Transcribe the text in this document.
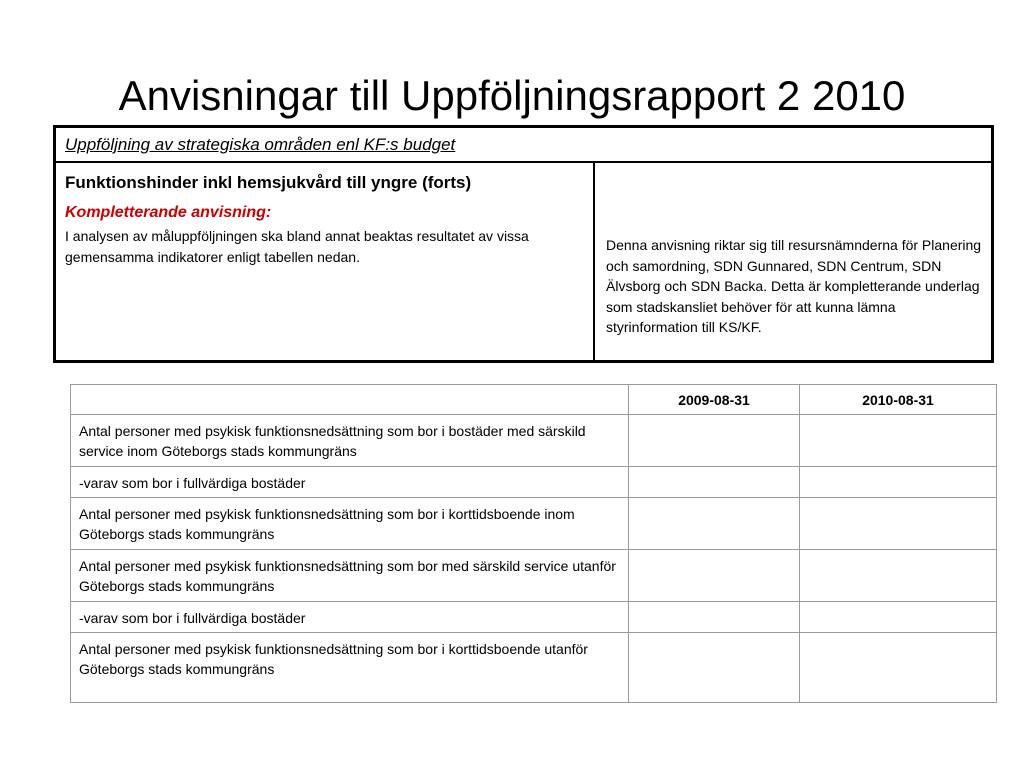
Anvisningar till Uppföljningsrapport 2 2010
Uppföljning av strategiska områden enl KF:s budget
Funktionshinder inkl hemsjukvård till yngre (forts)
Kompletterande anvisning:
I analysen av måluppföljningen ska bland annat beaktas resultatet av vissa gemensamma indikatorer enligt tabellen nedan.
Denna anvisning riktar sig till resursnämnderna för Planering och samordning, SDN Gunnared, SDN Centrum, SDN Älvsborg och SDN Backa. Detta är kompletterande underlag som stadskansliet behöver för att kunna lämna styrinformation till KS/KF.
	2009-08-31	2010-08-31
Antal personer med psykisk funktionsnedsättning som bor i bostäder med särskild service inom Göteborgs stads kommungräns		
-varav som bor i fullvärdiga bostäder		
Antal personer med psykisk funktionsnedsättning som bor i korttidsboende inom Göteborgs stads kommungräns		
Antal personer med psykisk funktionsnedsättning som bor med särskild service utanför Göteborgs stads kommungräns		
-varav som bor i fullvärdiga bostäder		
Antal personer med psykisk funktionsnedsättning som bor i korttidsboende utanför Göteborgs stads kommungräns		
